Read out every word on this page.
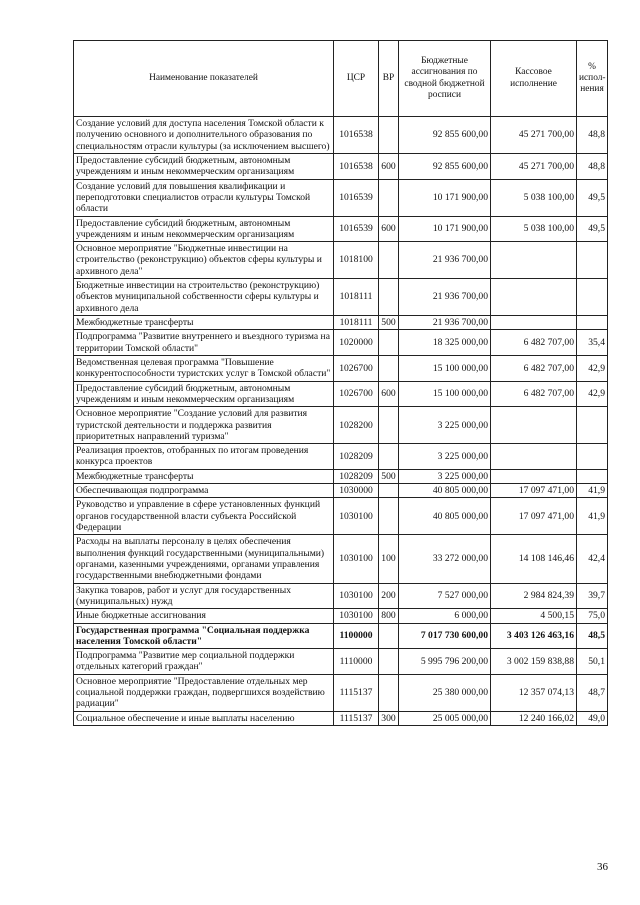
Наименование показателей	ЦСР	ВР	Бюджетные ассигнования по сводной бюджетной росписи	Кассовое исполнение	% испол-нения
Создание условий для доступа населения Томской области к получению основного и дополнительного образования по специальностям отрасли культуры (за исключением высшего)	1016538		92 855 600,00	45 271 700,00	48,8
Предоставление субсидий бюджетным, автономным учреждениям и иным некоммерческим организациям	1016538	600	92 855 600,00	45 271 700,00	48,8
Создание условий для повышения квалификации и переподготовки специалистов отрасли культуры Томской области	1016539		10 171 900,00	5 038 100,00	49,5
Предоставление субсидий бюджетным, автономным учреждениям и иным некоммерческим организациям	1016539	600	10 171 900,00	5 038 100,00	49,5
Основное мероприятие "Бюджетные инвестиции на строительство (реконструкцию) объектов сферы культуры и архивного дела"	1018100		21 936 700,00		
Бюджетные инвестиции на строительство (реконструкцию) объектов муниципальной собственности сферы культуры и архивного дела	1018111		21 936 700,00		
Межбюджетные трансферты	1018111	500	21 936 700,00		
Подпрограмма "Развитие внутреннего и въездного туризма на территории Томской области"	1020000		18 325 000,00	6 482 707,00	35,4
Ведомственная целевая программа "Повышение конкурентоспособности туристских услуг в Томской области"	1026700		15 100 000,00	6 482 707,00	42,9
Предоставление субсидий бюджетным, автономным учреждениям и иным некоммерческим организациям	1026700	600	15 100 000,00	6 482 707,00	42,9
Основное мероприятие "Создание условий для развития туристской деятельности и поддержка развития приоритетных направлений туризма"	1028200		3 225 000,00		
Реализация проектов, отобранных по итогам проведения конкурса проектов	1028209		3 225 000,00		
Межбюджетные трансферты	1028209	500	3 225 000,00		
Обеспечивающая подпрограмма	1030000		40 805 000,00	17 097 471,00	41,9
Руководство и управление в сфере установленных функций органов государственной власти субъекта Российской Федерации	1030100		40 805 000,00	17 097 471,00	41,9
Расходы на выплаты персоналу в целях обеспечения выполнения функций государственными (муниципальными) органами, казенными учреждениями, органами управления государственными внебюджетными фондами	1030100	100	33 272 000,00	14 108 146,46	42,4
Закупка товаров, работ и услуг для государственных (муниципальных) нужд	1030100	200	7 527 000,00	2 984 824,39	39,7
Иные бюджетные ассигнования	1030100	800	6 000,00	4 500,15	75,0
Государственная программа "Социальная поддержка населения Томской области"	1100000		7 017 730 600,00	3 403 126 463,16	48,5
Подпрограмма "Развитие мер социальной поддержки отдельных категорий граждан"	1110000		5 995 796 200,00	3 002 159 838,88	50,1
Основное мероприятие "Предоставление отдельных мер социальной поддержки граждан, подвергшихся воздействию радиации"	1115137		25 380 000,00	12 357 074,13	48,7
Социальное обеспечение и иные выплаты населению	1115137	300	25 005 000,00	12 240 166,02	49,0
36
